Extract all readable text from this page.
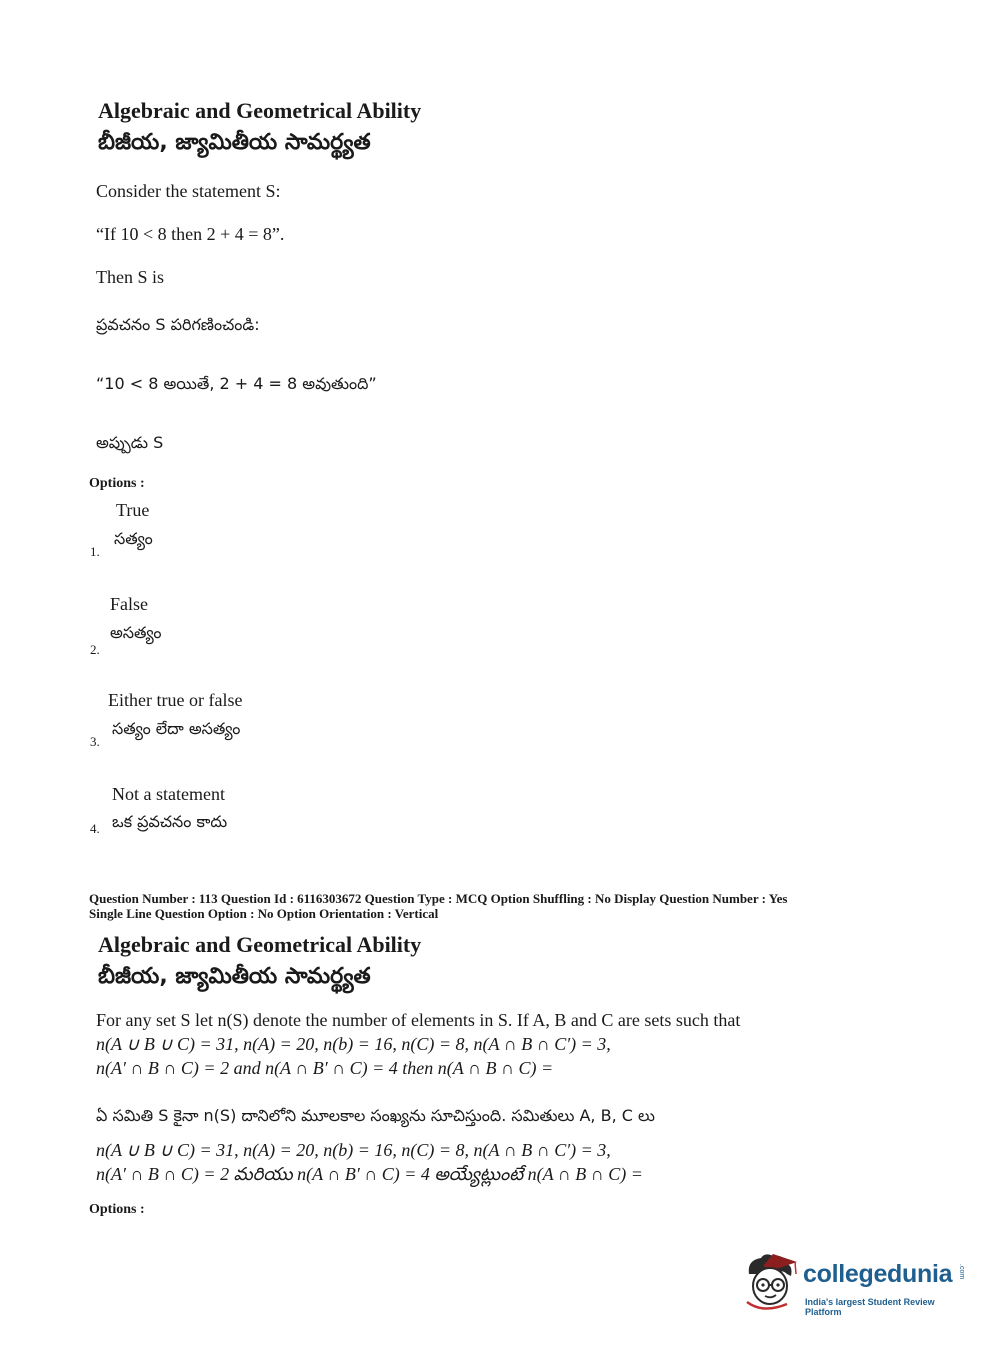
Algebraic and Geometrical Ability
బీజీయ, జ్యామితీయ సామర్థ్యత
Consider the statement S:
“If 10 < 8 then 2 + 4 = 8”.
Then S is
ప్రవచనం S పరిగణించండి:
“10 < 8 అయితే, 2 + 4 = 8 అవుతుంది”
అప్పుడు S
Options :
True
సత్యం
1.
False
అసత్యం
2.
Either true or false
సత్యం లేదా అసత్యం
3.
Not a statement
ఒక ప్రవచనం కాదు
4.
Question Number : 113 Question Id : 6116303672 Question Type : MCQ Option Shuffling : No Display Question Number : Yes
Single Line Question Option : No Option Orientation : Vertical
Algebraic and Geometrical Ability
బీజీయ, జ్యామితీయ సామర్థ్యత
For any set S let n(S) denote the number of elements in S. If A, B and C are sets such that
n(A ∪ B ∪ C) = 31, n(A) = 20, n(b) = 16, n(C) = 8, n(A ∩ B ∩ C′) = 3,
n(A′ ∩ B ∩ C) = 2 and n(A ∩ B′ ∩ C) = 4 then n(A ∩ B ∩ C) =
ఏ సమితి S కైనా n(S) దానిలోని మూలకాల సంఖ్యను సూచిస్తుంది. సమితులు A, B, C లు
n(A ∪ B ∪ C) = 31, n(A) = 20, n(b) = 16, n(C) = 8, n(A ∩ B ∩ C′) = 3,
n(A′ ∩ B ∩ C) = 2 మరియు n(A ∩ B′ ∩ C) = 4 అయ్యేట్లుంటే n(A ∩ B ∩ C) =
Options :
collegedunia .com
India's largest Student Review Platform
